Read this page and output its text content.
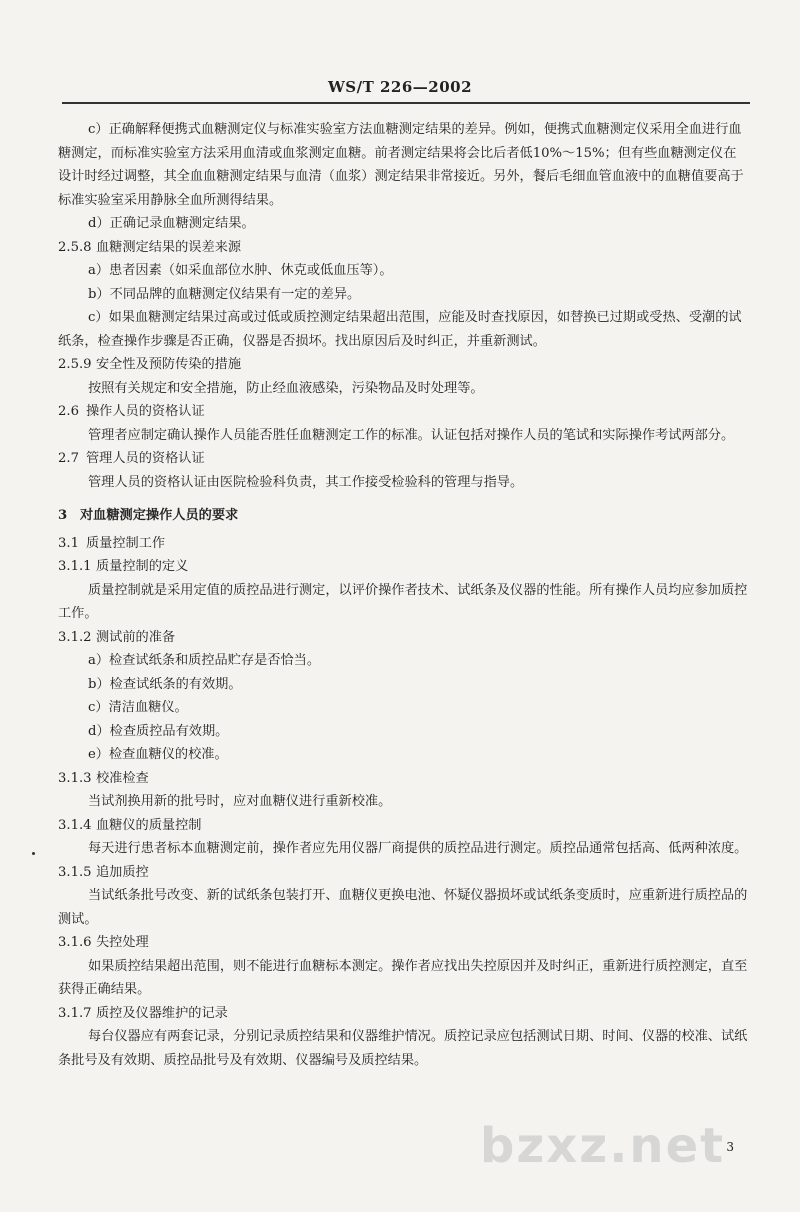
WS/T 226—2002

c）正确解释便携式血糖测定仪与标准实验室方法血糖测定结果的差异。例如，便携式血糖测定仪采用全血进行血糖测定，而标准实验室方法采用血清或血浆测定血糖。前者测定结果将会比后者低10%～15%；但有些血糖测定仪在设计时经过调整，其全血血糖测定结果与血清（血浆）测定结果非常接近。另外，餐后毛细血管血液中的血糖值要高于标准实验室采用静脉全血所测得结果。

d）正确记录血糖测定结果。

2.5.8 血糖测定结果的误差来源

a）患者因素（如采血部位水肿、休克或低血压等）。

b）不同品牌的血糖测定仪结果有一定的差异。

c）如果血糖测定结果过高或过低或质控测定结果超出范围，应能及时查找原因，如替换已过期或受热、受潮的试纸条，检查操作步骤是否正确，仪器是否损坏。找出原因后及时纠正，并重新测试。

2.5.9 安全性及预防传染的措施

按照有关规定和安全措施，防止经血液感染，污染物品及时处理等。

2.6 操作人员的资格认证

管理者应制定确认操作人员能否胜任血糖测定工作的标准。认证包括对操作人员的笔试和实际操作考试两部分。

2.7 管理人员的资格认证

管理人员的资格认证由医院检验科负责，其工作接受检验科的管理与指导。

3 对血糖测定操作人员的要求

3.1 质量控制工作

3.1.1 质量控制的定义

质量控制就是采用定值的质控品进行测定，以评价操作者技术、试纸条及仪器的性能。所有操作人员均应参加质控工作。

3.1.2 测试前的准备

a）检查试纸条和质控品贮存是否恰当。

b）检查试纸条的有效期。

c）清洁血糖仪。

d）检查质控品有效期。

e）检查血糖仪的校准。

3.1.3 校准检查

当试剂换用新的批号时，应对血糖仪进行重新校准。

3.1.4 血糖仪的质量控制

每天进行患者标本血糖测定前，操作者应先用仪器厂商提供的质控品进行测定。质控品通常包括高、低两种浓度。

3.1.5 追加质控

当试纸条批号改变、新的试纸条包装打开、血糖仪更换电池、怀疑仪器损坏或试纸条变质时，应重新进行质控品的测试。

3.1.6 失控处理

如果质控结果超出范围，则不能进行血糖标本测定。操作者应找出失控原因并及时纠正，重新进行质控测定，直至获得正确结果。

3.1.7 质控及仪器维护的记录

每台仪器应有两套记录，分别记录质控结果和仪器维护情况。质控记录应包括测试日期、时间、仪器的校准、试纸条批号及有效期、质控品批号及有效期、仪器编号及质控结果。

bzxz.net 3
